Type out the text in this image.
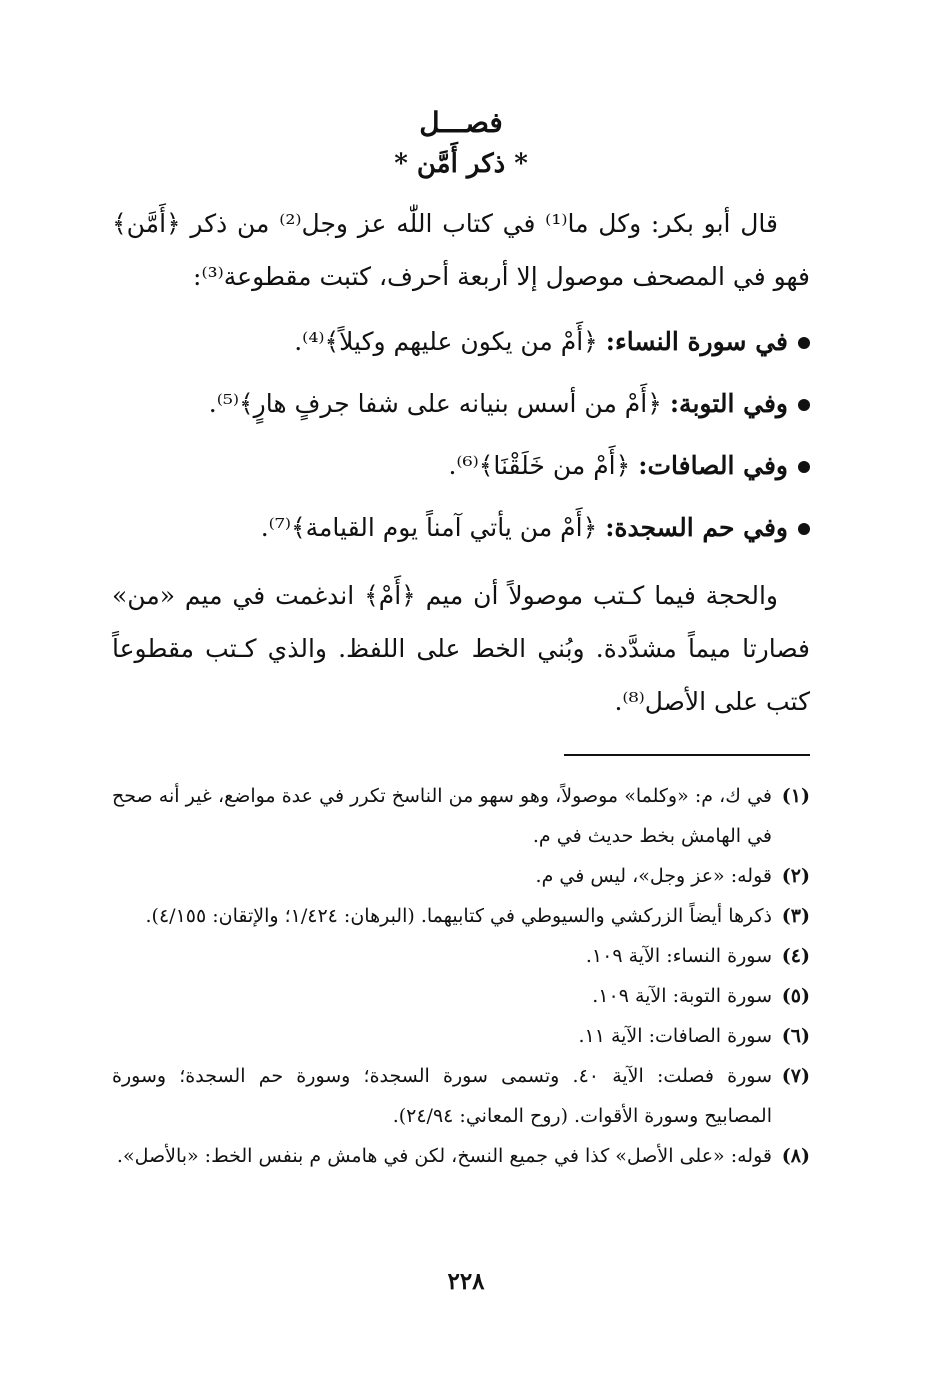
فصـــل
* ذكر أَمَّن *

قال أبو بكر: وكل ما⁽¹⁾ في كتاب اللّٰه عز وجل⁽²⁾ من ذكر ﴿أَمَّن﴾ فهو في المصحف موصول إلا أربعة أحرف، كتبت مقطوعة⁽³⁾:

في سورة النساء: ﴿أَمْ من يكون عليهم وكيلاً﴾⁽⁴⁾.
وفي التوبة: ﴿أَمْ من أسس بنيانه على شفا جرفٍ هارٍ﴾⁽⁵⁾.
وفي الصافات: ﴿أَمْ من خَلَقْنَا﴾⁽⁶⁾.
وفي حم السجدة: ﴿أَمْ من يأتي آمناً يوم القيامة﴾⁽⁷⁾.

والحجة فيما كـتب موصولاً أن ميم ﴿أَمْ﴾ اندغمت في ميم «من» فصارتا ميماً مشدَّدة. وبُني الخط على اللفظ. والذي كـتب مقطوعاً كتب على الأصل⁽⁸⁾.

(١)في ك، م: «وكلما» موصولاً، وهو سهو من الناسخ تكرر في عدة مواضع، غير أنه صحح في الهامش بخط حديث في م.
(٢)قوله: «عز وجل»، ليس في م.
(٣)ذكرها أيضاً الزركشي والسيوطي في كتابيهما. (البرهان: ١/٤٢٤؛ والإتقان: ٤/١٥٥).
(٤)سورة النساء: الآية ١٠٩.
(٥)سورة التوبة: الآية ١٠٩.
(٦)سورة الصافات: الآية ١١.
(٧)سورة فصلت: الآية ٤٠. وتسمى سورة السجدة؛ وسورة حم السجدة؛ وسورة المصابيح وسورة الأقوات. (روح المعاني: ٢٤/٩٤).
(٨)قوله: «على الأصل» كذا في جميع النسخ، لكن في هامش م بنفس الخط: «بالأصل».
٢٢٨
